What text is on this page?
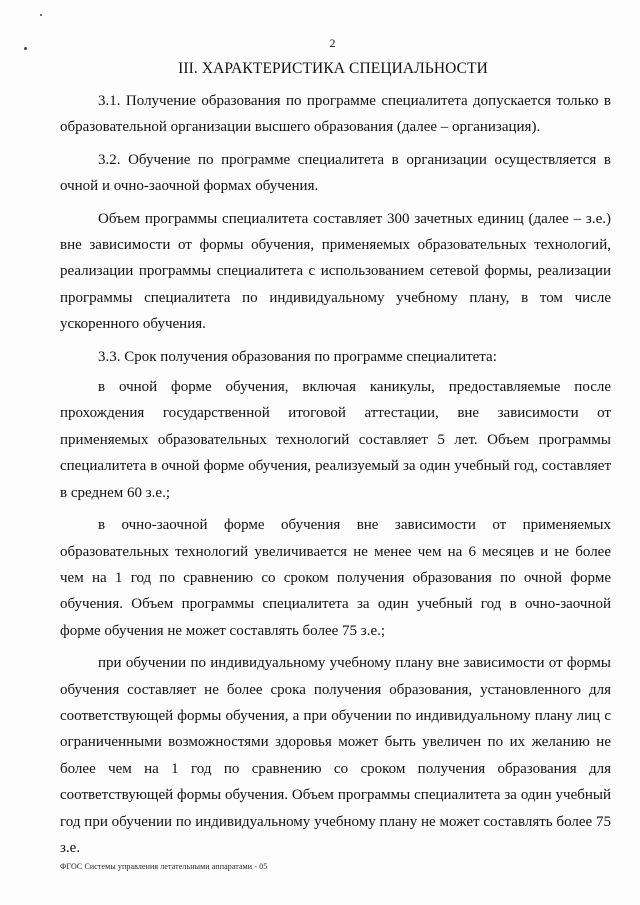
2
III. ХАРАКТЕРИСТИКА СПЕЦИАЛЬНОСТИ

3.1. Получение образования по программе специалитета допускается только в образовательной организации высшего образования (далее – организация).

3.2. Обучение по программе специалитета в организации осуществляется в очной и очно-заочной формах обучения.

Объем программы специалитета составляет 300 зачетных единиц (далее – з.е.) вне зависимости от формы обучения, применяемых образовательных технологий, реализации программы специалитета с использованием сетевой формы, реализации программы специалитета по индивидуальному учебному плану, в том числе ускоренного обучения.

3.3. Срок получения образования по программе специалитета:

в очной форме обучения, включая каникулы, предоставляемые после прохождения государственной итоговой аттестации, вне зависимости от применяемых образовательных технологий составляет 5 лет. Объем программы специалитета в очной форме обучения, реализуемый за один учебный год, составляет в среднем 60 з.е.;

в очно-заочной форме обучения вне зависимости от применяемых образовательных технологий увеличивается не менее чем на 6 месяцев и не более чем на 1 год по сравнению со сроком получения образования по очной форме обучения. Объем программы специалитета за один учебный год в очно-заочной форме обучения не может составлять более 75 з.е.;

при обучении по индивидуальному учебному плану вне зависимости от формы обучения составляет не более срока получения образования, установленного для соответствующей формы обучения, а при обучении по индивидуальному плану лиц с ограниченными возможностями здоровья может быть увеличен по их желанию не более чем на 1 год по сравнению со сроком получения образования для соответствующей формы обучения. Объем программы специалитета за один учебный год при обучении по индивидуальному учебному плану не может составлять более 75 з.е.

ФГОС Системы управления летательными аппаратами - 05
